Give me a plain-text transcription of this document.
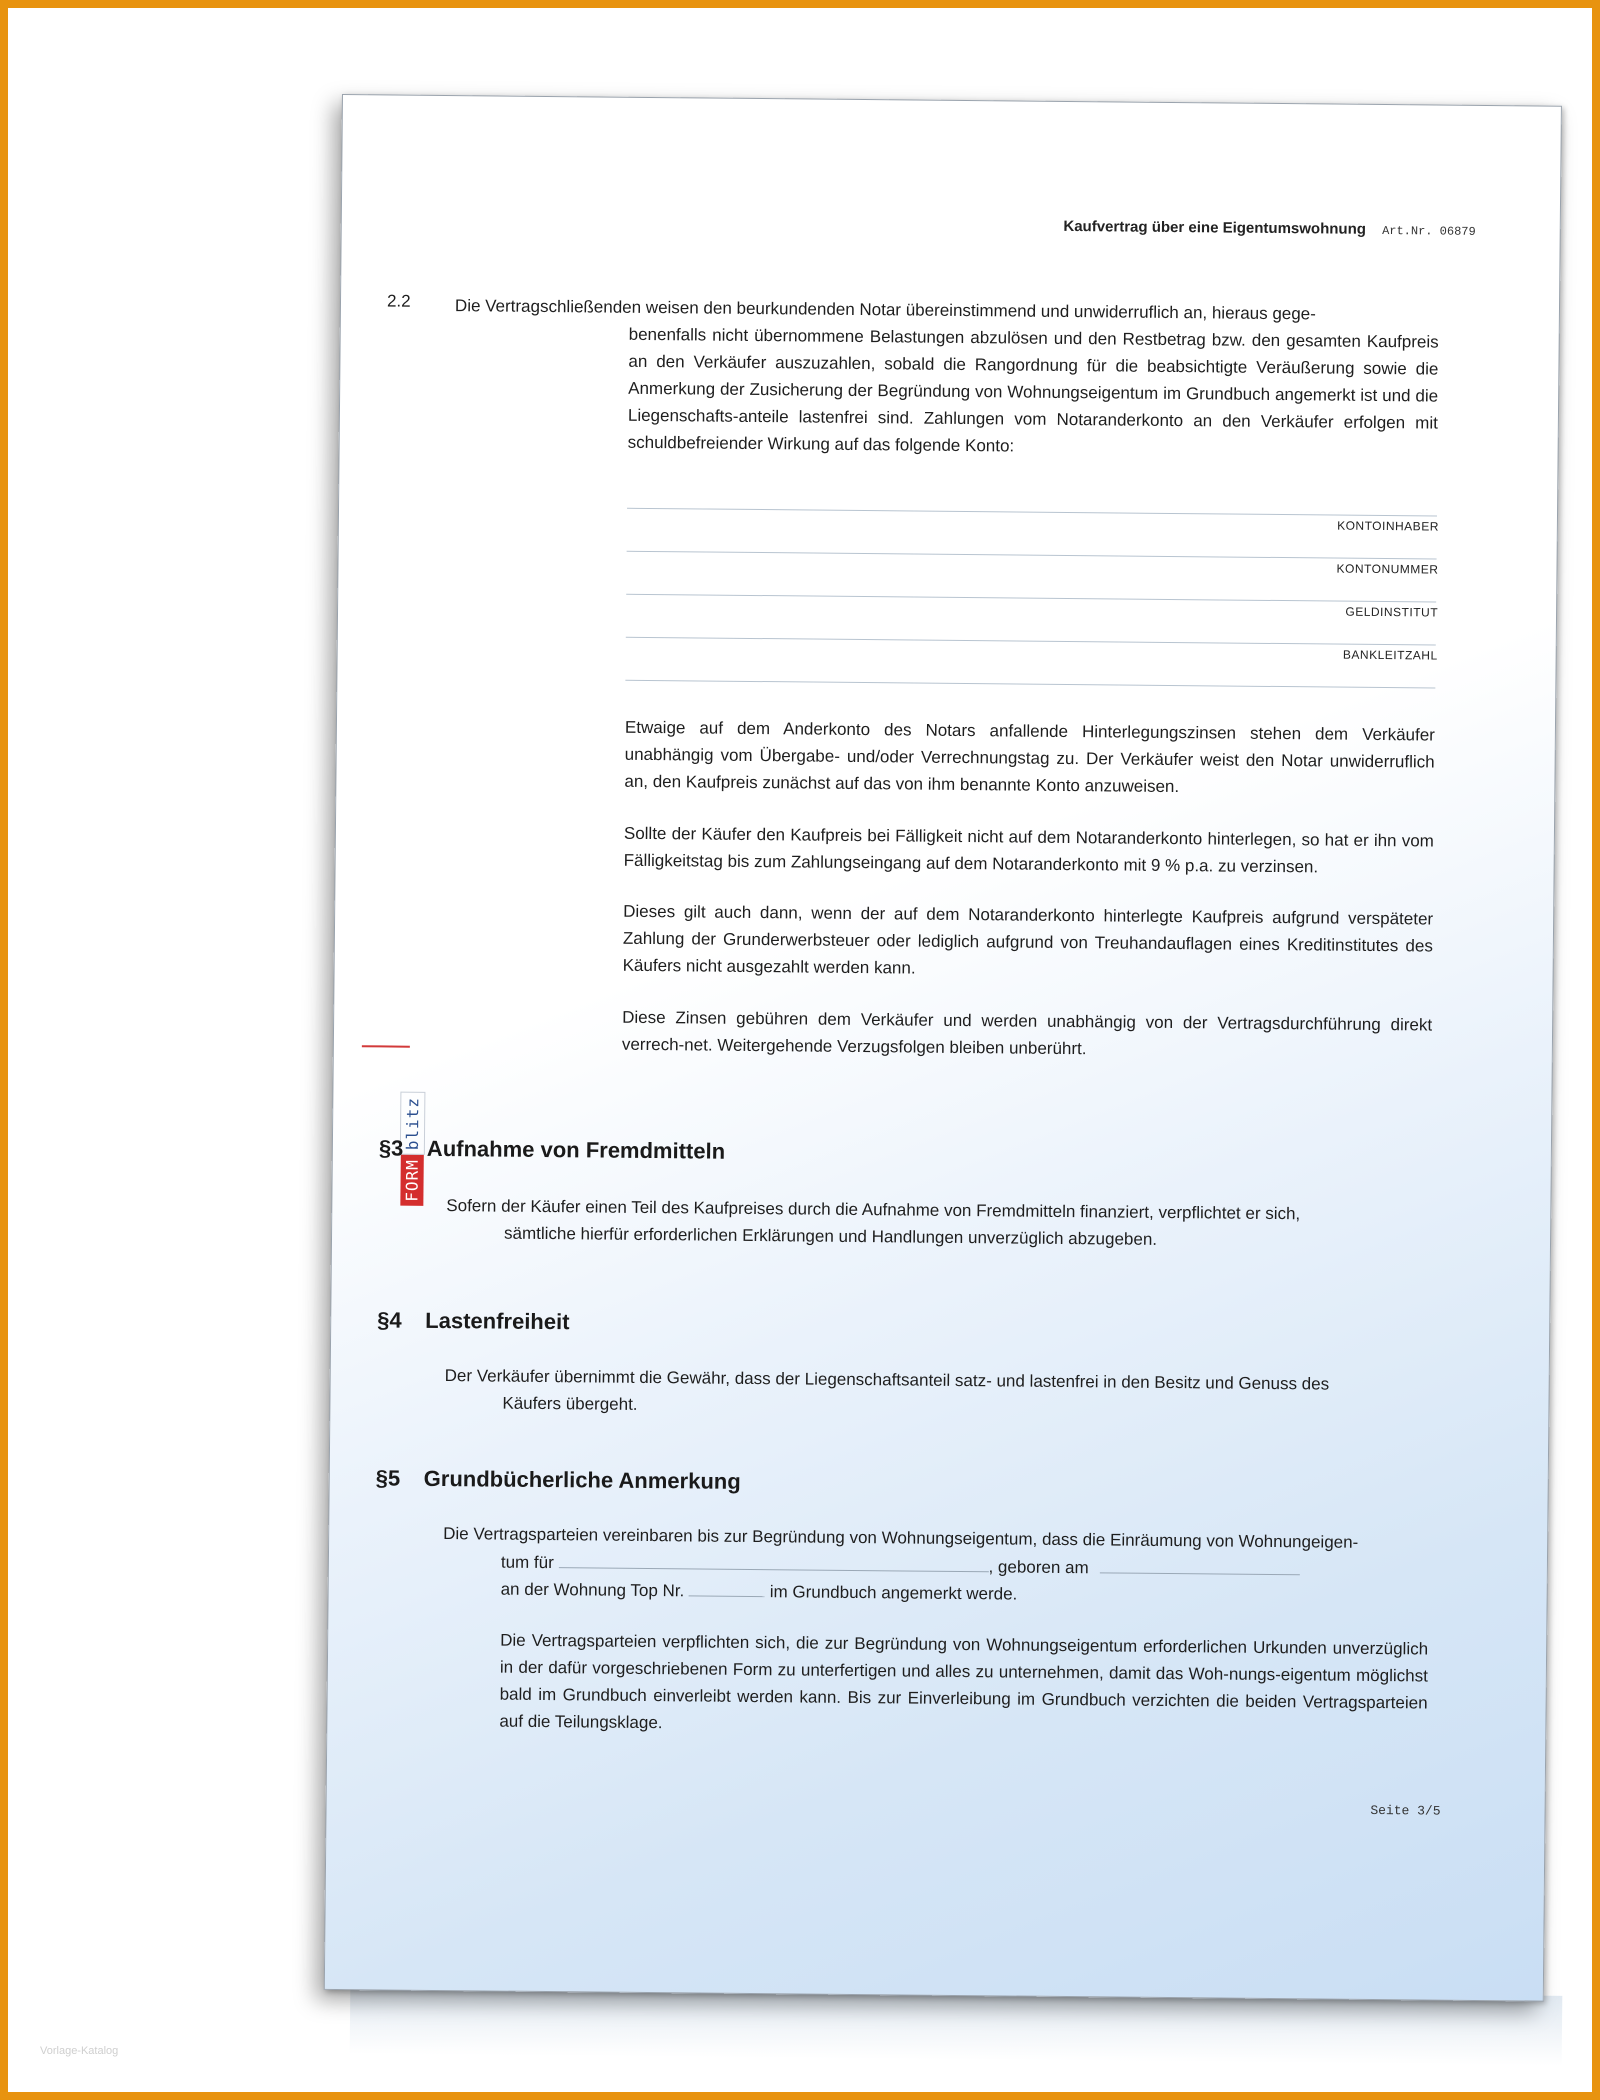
Kaufvertrag über eine Eigentumswohnung Art.Nr. 06879
2.2	Die Vertragschließenden weisen den beurkundenden Notar übereinstimmend und unwiderruflich an, hieraus gege-
benenfalls nicht übernommene Belastungen abzulösen und den Restbetrag bzw. den gesamten Kaufpreis an den Verkäufer auszuzahlen, sobald die Rangordnung für die beabsichtigte Veräußerung sowie die Anmerkung der Zusicherung der Begründung von Wohnungseigentum im Grundbuch angemerkt ist und die Liegenschafts-anteile lastenfrei sind. Zahlungen vom Notaranderkonto an den Verkäufer erfolgen mit schuldbefreiender Wirkung auf das folgende Konto:
KONTOINHABER
KONTONUMMER
GELDINSTITUT
BANKLEITZAHL
Etwaige auf dem Anderkonto des Notars anfallende Hinterlegungszinsen stehen dem Verkäufer unabhängig vom Übergabe- und/oder Verrechnungstag zu. Der Verkäufer weist den Notar unwiderruflich an, den Kaufpreis zunächst auf das von ihm benannte Konto anzuweisen.
Sollte der Käufer den Kaufpreis bei Fälligkeit nicht auf dem Notaranderkonto hinterlegen, so hat er ihn vom Fälligkeitstag bis zum Zahlungseingang auf dem Notaranderkonto mit 9 % p.a. zu verzinsen.
Dieses gilt auch dann, wenn der auf dem Notaranderkonto hinterlegte Kaufpreis aufgrund verspäteter Zahlung der Grunderwerbsteuer oder lediglich aufgrund von Treuhandauflagen eines Kreditinstitutes des Käufers nicht ausgezahlt werden kann.
Diese Zinsen gebühren dem Verkäufer und werden unabhängig von der Vertragsdurchführung direkt verrech-net. Weitergehende Verzugsfolgen bleiben unberührt.
FORMblitz
§3 Aufnahme von Fremdmitteln
Sofern der Käufer einen Teil des Kaufpreises durch die Aufnahme von Fremdmitteln finanziert, verpflichtet er sich,
sämtliche hierfür erforderlichen Erklärungen und Handlungen unverzüglich abzugeben.
§4 Lastenfreiheit
Der Verkäufer übernimmt die Gewähr, dass der Liegenschaftsanteil satz- und lastenfrei in den Besitz und Genuss des
Käufers übergeht.
§5 Grundbücherliche Anmerkung
Die Vertragsparteien vereinbaren bis zur Begründung von Wohnungseigentum, dass die Einräumung von Wohnungeigen-
tum für	, geboren am
an der Wohnung Top Nr.	im Grundbuch angemerkt werde.
Die Vertragsparteien verpflichten sich, die zur Begründung von Wohnungseigentum erforderlichen Urkunden unverzüglich in der dafür vorgeschriebenen Form zu unterfertigen und alles zu unternehmen, damit das Woh-nungs-eigentum möglichst bald im Grundbuch einverleibt werden kann. Bis zur Einverleibung im Grundbuch verzichten die beiden Vertragsparteien auf die Teilungsklage.
Seite 3/5
Vorlage-Katalog
